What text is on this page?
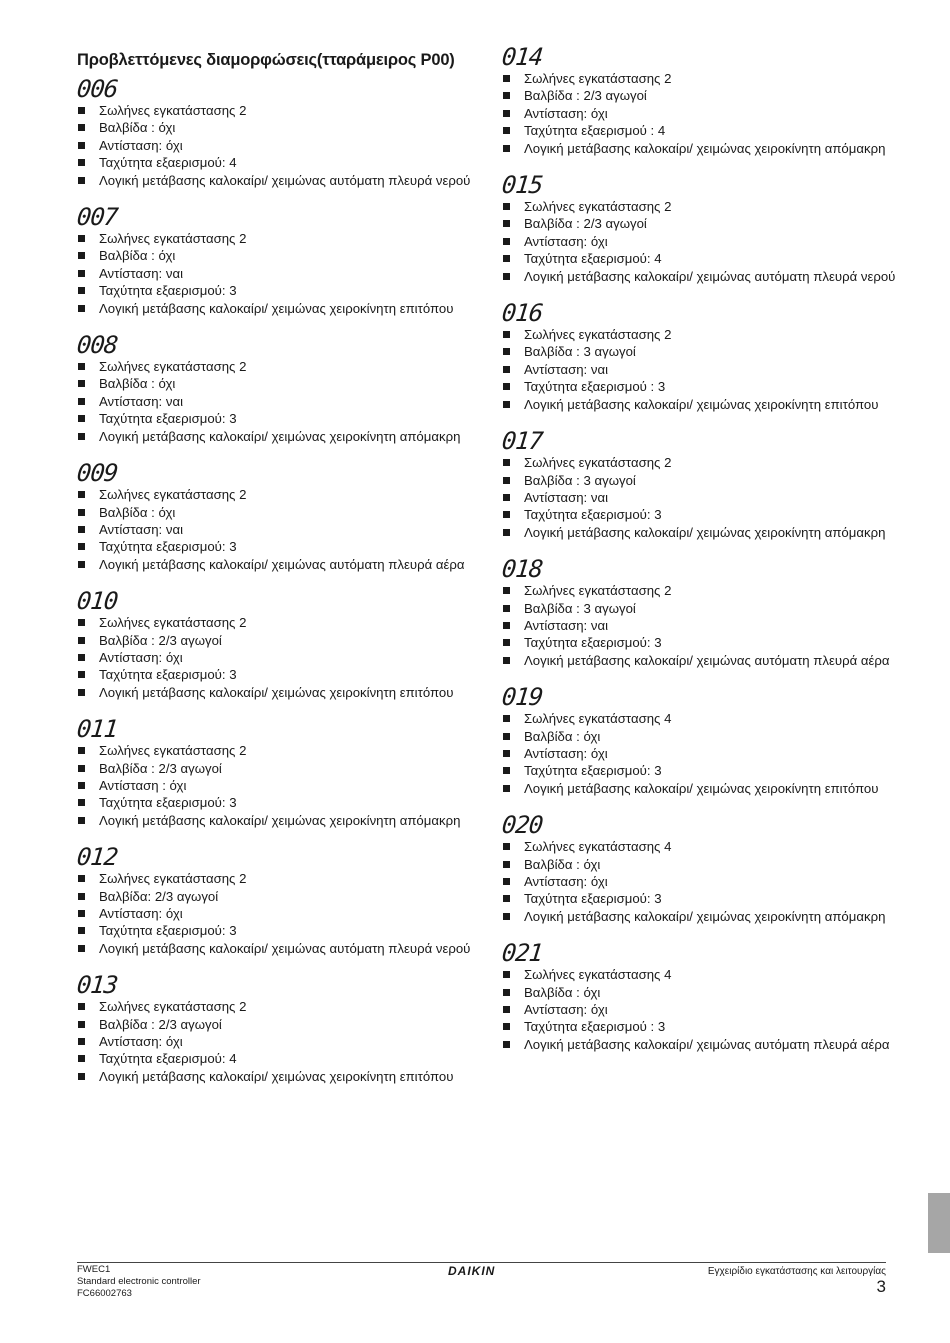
Προβλεττόμενες διαμορφώσεις(τταράμειρος P00)
006
Σωλήνες εγκατάστασης 2
Βαλβίδα : όχι
Αντίσταση: όχι
Ταχύτητα εξαερισμού: 4
Λογική μετάβασης καλοκαίρι/ χειμώνας αυτόματη πλευρά νερού
007
Σωλήνες εγκατάστασης 2
Βαλβίδα : όχι
Αντίσταση: ναι
Ταχύτητα εξαερισμού: 3
Λογική μετάβασης καλοκαίρι/ χειμώνας χειροκίνητη επιτόπου
008
Σωλήνες εγκατάστασης 2
Βαλβίδα : όχι
Αντίσταση: ναι
Ταχύτητα εξαερισμού: 3
Λογική μετάβασης καλοκαίρι/ χειμώνας χειροκίνητη απόμακρη
009
Σωλήνες εγκατάστασης 2
Βαλβίδα : όχι
Αντίσταση: ναι
Ταχύτητα εξαερισμού: 3
Λογική μετάβασης καλοκαίρι/ χειμώνας αυτόματη πλευρά αέρα
010
Σωλήνες εγκατάστασης 2
Βαλβίδα : 2/3 αγωγοί
Αντίσταση: όχι
Ταχύτητα εξαερισμού: 3
Λογική μετάβασης καλοκαίρι/ χειμώνας χειροκίνητη επιτόπου
011
Σωλήνες εγκατάστασης 2
Βαλβίδα : 2/3 αγωγοί
Αντίσταση : όχι
Ταχύτητα εξαερισμού: 3
Λογική μετάβασης καλοκαίρι/ χειμώνας χειροκίνητη απόμακρη
012
Σωλήνες εγκατάστασης 2
Βαλβίδα: 2/3 αγωγοί
Αντίσταση: όχι
Ταχύτητα εξαερισμού: 3
Λογική μετάβασης καλοκαίρι/ χειμώνας αυτόματη πλευρά νερού
013
Σωλήνες εγκατάστασης 2
Βαλβίδα : 2/3 αγωγοί
Αντίσταση: όχι
Ταχύτητα εξαερισμού: 4
Λογική μετάβασης καλοκαίρι/ χειμώνας χειροκίνητη επιτόπου
014
Σωλήνες εγκατάστασης 2
Βαλβίδα : 2/3 αγωγοί
Αντίσταση: όχι
Ταχύτητα εξαερισμού : 4
Λογική μετάβασης καλοκαίρι/ χειμώνας χειροκίνητη απόμακρη
015
Σωλήνες εγκατάστασης 2
Βαλβίδα : 2/3 αγωγοί
Αντίσταση: όχι
Ταχύτητα εξαερισμού: 4
Λογική μετάβασης καλοκαίρι/ χειμώνας αυτόματη πλευρά νερού
016
Σωλήνες εγκατάστασης 2
Βαλβίδα : 3 αγωγοί
Αντίσταση: ναι
Ταχύτητα εξαερισμού : 3
Λογική μετάβασης καλοκαίρι/ χειμώνας χειροκίνητη επιτόπου
017
Σωλήνες εγκατάστασης 2
Βαλβίδα : 3 αγωγοί
Αντίσταση: ναι
Ταχύτητα εξαερισμού: 3
Λογική μετάβασης καλοκαίρι/ χειμώνας χειροκίνητη απόμακρη
018
Σωλήνες εγκατάστασης 2
Βαλβίδα : 3 αγωγοί
Αντίσταση: ναι
Ταχύτητα εξαερισμού: 3
Λογική μετάβασης καλοκαίρι/ χειμώνας αυτόματη πλευρά αέρα
019
Σωλήνες εγκατάστασης 4
Βαλβίδα : όχι
Αντίσταση: όχι
Ταχύτητα εξαερισμού: 3
Λογική μετάβασης καλοκαίρι/ χειμώνας χειροκίνητη επιτόπου
020
Σωλήνες εγκατάστασης 4
Βαλβίδα : όχι
Αντίσταση: όχι
Ταχύτητα εξαερισμού: 3
Λογική μετάβασης καλοκαίρι/ χειμώνας χειροκίνητη απόμακρη
021
Σωλήνες εγκατάστασης 4
Βαλβίδα : όχι
Αντίσταση: όχι
Ταχύτητα εξαερισμού : 3
Λογική μετάβασης καλοκαίρι/ χειμώνας αυτόματη πλευρά αέρα
FWEC1
Standard electronic controller
FC66002763
DAIKIN	Εγχειρίδιο εγκατάστασης και λειτουργίας
3
